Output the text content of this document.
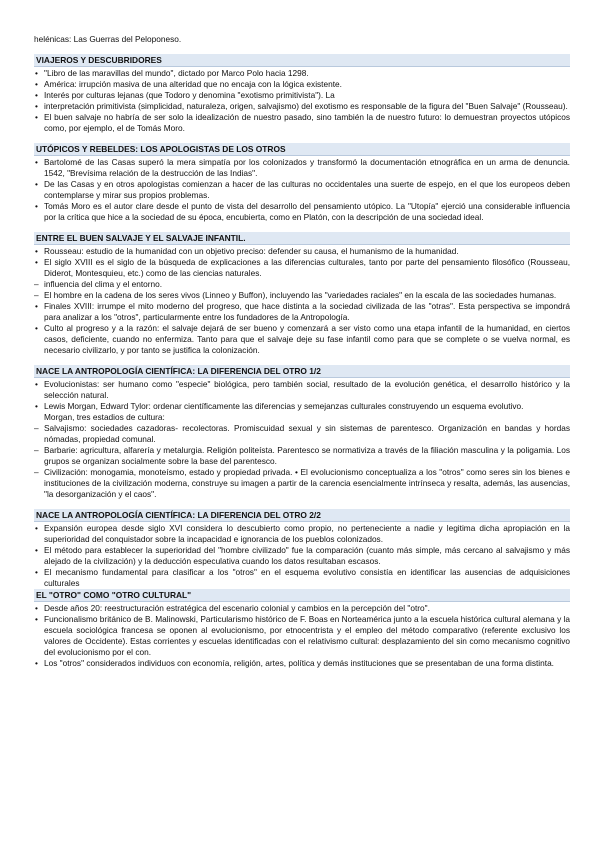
helénicas: Las Guerras del Peloponeso.

VIAJEROS Y DESCUBRIDORES
• "Libro de las maravillas del mundo", dictado por Marco Polo hacia 1298.
• América: irrupción masiva de una alteridad que no encaja con la lógica existente.
• Interés por culturas lejanas (que Todoro y denomina "exotismo primitivista"). La
• interpretación primitivista (simplicidad, naturaleza, origen, salvajismo) del exotismo es responsable de la figura del "Buen Salvaje" (Rousseau).
• El buen salvaje no habría de ser solo la idealización de nuestro pasado, sino también la de nuestro futuro: lo demuestran proyectos utópicos como, por ejemplo, el de Tomás Moro.
UTÓPICOS Y REBELDES: LOS APOLOGISTAS DE LOS OTROS
• Bartolomé de las Casas superó la mera simpatía por los colonizados y transformó la documentación etnográfica en un arma de denuncia. 1542, "Brevísima relación de la destrucción de las Indias".
• De las Casas y en otros apologistas comienzan a hacer de las culturas no occidentales una suerte de espejo, en el que los europeos deben contemplarse y mirar sus propios problemas.
• Tomás Moro es el autor clare desde el punto de vista del desarrollo del pensamiento utópico. La "Utopía" ejerció una considerable influencia por la crítica que hice a la sociedad de su época, encubierta, como en Platón, con la descripción de una sociedad ideal.
ENTRE EL BUEN SALVAJE Y EL SALVAJE INFANTIL.
• Rousseau: estudio de la humanidad con un objetivo preciso: defender su causa, el humanismo de la humanidad.
• El siglo XVIII es el siglo de la búsqueda de explicaciones a las diferencias culturales, tanto por parte del pensamiento filosófico (Rousseau, Diderot, Montesquieu, etc.) como de las ciencias naturales.
– influencia del clima y el entorno.
– El hombre en la cadena de los seres vivos (Linneo y Buffon), incluyendo las "variedades raciales" en la escala de las sociedades humanas.
• Finales XVIII: irrumpe el mito moderno del progreso, que hace distinta a la sociedad civilizada de las "otras". Esta perspectiva se impondrá para analizar a los "otros", particularmente entre los fundadores de la Antropología.
• Culto al progreso y a la razón: el salvaje dejará de ser bueno y comenzará a ser visto como una etapa infantil de la humanidad, en ciertos casos, deficiente, cuando no enfermiza. Tanto para que el salvaje deje su fase infantil como para que se complete o se vuelva normal, es necesario civilizarlo, y por tanto se justifica la colonización.
NACE LA ANTROPOLOGÍA CIENTÍFICA: LA DIFERENCIA DEL OTRO 1/2
• Evolucionistas: ser humano como "especie" biológica, pero también social, resultado de la evolución genética, el desarrollo histórico y la selección natural.
• Lewis Morgan, Edward Tylor: ordenar científicamente las diferencias y semejanzas culturales construyendo un esquema evolutivo.
Morgan, tres estadios de cultura:
– Salvajismo: sociedades cazadoras- recolectoras. Promiscuidad sexual y sin sistemas de parentesco. Organización en bandas y hordas nómadas, propiedad comunal.
– Barbarie: agricultura, alfarería y metalurgia. Religión politeísta. Parentesco se normativiza a través de la filiación masculina y la poligamia. Los grupos se organizan socialmente sobre la base del parentesco.
– Civilización: monogamia, monoteísmo, estado y propiedad privada. • El evolucionismo conceptualiza a los "otros" como seres sin los bienes e instituciones de la civilización moderna, construye su imagen a partir de la carencia esencialmente intrínseca y resalta, además, las ausencias, "la desorganización y el caos".
NACE LA ANTROPOLOGÍA CIENTÍFICA: LA DIFERENCIA DEL OTRO 2/2
• Expansión europea desde siglo XVI considera lo descubierto como propio, no perteneciente a nadie y legitima dicha apropiación en la superioridad del conquistador sobre la incapacidad e ignorancia de los pueblos colonizados.
• El método para establecer la superioridad del "hombre civilizado" fue la comparación (cuanto más simple, más cercano al salvajismo y más alejado de la civilización) y la deducción especulativa cuando los datos resultaban escasos.
• El mecanismo fundamental para clasificar a los "otros" en el esquema evolutivo consistía en identificar las ausencias de adquisiciones culturales
EL "OTRO" COMO "OTRO CULTURAL"
• Desde años 20: reestructuración estratégica del escenario colonial y cambios en la percepción del "otro".
• Funcionalismo británico de B. Malinowski, Particularismo histórico de F. Boas en Norteamérica junto a la escuela histórica cultural alemana y la escuela sociológica francesa se oponen al evolucionismo, por etnocentrista y el empleo del método comparativo (referente exclusivo los valores de Occidente). Estas corrientes y escuelas identificadas con el relativismo cultural: desplazamiento del sin como mecanismo cognitivo del evolucionismo por el con.
• Los "otros" considerados individuos con economía, religión, artes, política y demás instituciones que se presentaban de una forma distinta.
